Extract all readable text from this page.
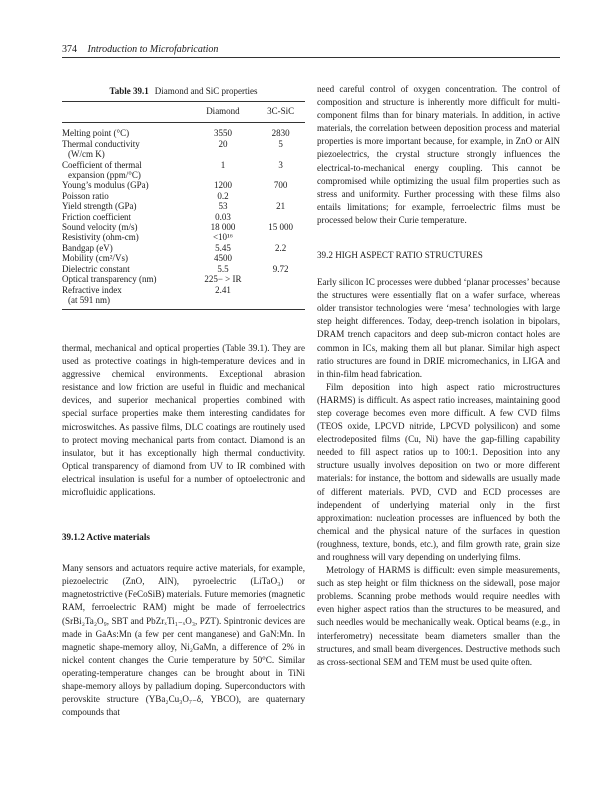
374 Introduction to Microfabrication
Table 39.1 Diamond and SiC properties
	Diamond	3C-SiC
Melting point (°C)	3550	2830
Thermal conductivity	20	5
(W/cm K)		
Coefficient of thermal	1	3
expansion (ppm/°C)		
Young’s modulus (GPa)	1200	700
Poisson ratio	0.2	
Yield strength (GPa)	53	21
Friction coefficient	0.03	
Sound velocity (m/s)	18 000	15 000
Resistivity (ohm-cm)	<10¹⁶	
Bandgap (eV)	5.45	2.2
Mobility (cm²/Vs)	4500	
Dielectric constant	5.5	9.72
Optical transparency (nm)	225− > IR	
Refractive index	2.41	
(at 591 nm)		

thermal, mechanical and optical properties (Table 39.1). They are used as protective coatings in high-temperature devices and in aggressive chemical environments. Exceptional abrasion resistance and low friction are useful in fluidic and mechanical devices, and superior mechanical properties combined with special surface properties make them interesting candidates for microswitches. As passive films, DLC coatings are routinely used to protect moving mechanical parts from contact. Diamond is an insulator, but it has exceptionally high thermal conductivity. Optical transparency of diamond from UV to IR combined with electrical insulation is useful for a number of optoelectronic and microfluidic applications.

39.1.2 Active materials

Many sensors and actuators require active materials, for example, piezoelectric (ZnO, AlN), pyroelectric (LiTaO₃) or magnetostrictive (FeCoSiB) materials. Future memories (magnetic RAM, ferroelectric RAM) might be made of ferroelectrics (SrBi₂Ta₂O₉, SBT and PbZrₓTi₁₋ₓO₃, PZT). Spintronic devices are made in GaAs:Mn (a few per cent manganese) and GaN:Mn. In magnetic shape-memory alloy, Ni₂GaMn, a difference of 2% in nickel content changes the Curie temperature by 50°C. Similar operating-temperature changes can be brought about in TiNi shape-memory alloys by palladium doping. Superconductors with perovskite structure (YBa₂Cu₃O₇₋δ, YBCO), are quaternary compounds that

need careful control of oxygen concentration. The control of composition and structure is inherently more difficult for multi-component films than for binary materials. In addition, in active materials, the correlation between deposition process and material properties is more important because, for example, in ZnO or AlN piezoelectrics, the crystal structure strongly influences the electrical-to-mechanical energy coupling. This cannot be compromised while optimizing the usual film properties such as stress and uniformity. Further processing with these films also entails limitations; for example, ferroelectric films must be processed below their Curie temperature.

39.2 HIGH ASPECT RATIO STRUCTURES

Early silicon IC processes were dubbed ‘planar processes’ because the structures were essentially flat on a wafer surface, whereas older transistor technologies were ‘mesa’ technologies with large step height differences. Today, deep-trench isolation in bipolars, DRAM trench capacitors and deep sub-micron contact holes are common in ICs, making them all but planar. Similar high aspect ratio structures are found in DRIE micromechanics, in LIGA and in thin-film head fabrication.

Film deposition into high aspect ratio microstructures (HARMS) is difficult. As aspect ratio increases, maintaining good step coverage becomes even more difficult. A few CVD films (TEOS oxide, LPCVD nitride, LPCVD polysilicon) and some electrodeposited films (Cu, Ni) have the gap-filling capability needed to fill aspect ratios up to 100:1. Deposition into any structure usually involves deposition on two or more different materials: for instance, the bottom and sidewalls are usually made of different materials. PVD, CVD and ECD processes are independent of underlying material only in the first approximation: nucleation processes are influenced by both the chemical and the physical nature of the surfaces in question (roughness, texture, bonds, etc.), and film growth rate, grain size and roughness will vary depending on underlying films.

Metrology of HARMS is difficult: even simple measurements, such as step height or film thickness on the sidewall, pose major problems. Scanning probe methods would require needles with even higher aspect ratios than the structures to be measured, and such needles would be mechanically weak. Optical beams (e.g., in interferometry) necessitate beam diameters smaller than the structures, and small beam divergences. Destructive methods such as cross-sectional SEM and TEM must be used quite often.
